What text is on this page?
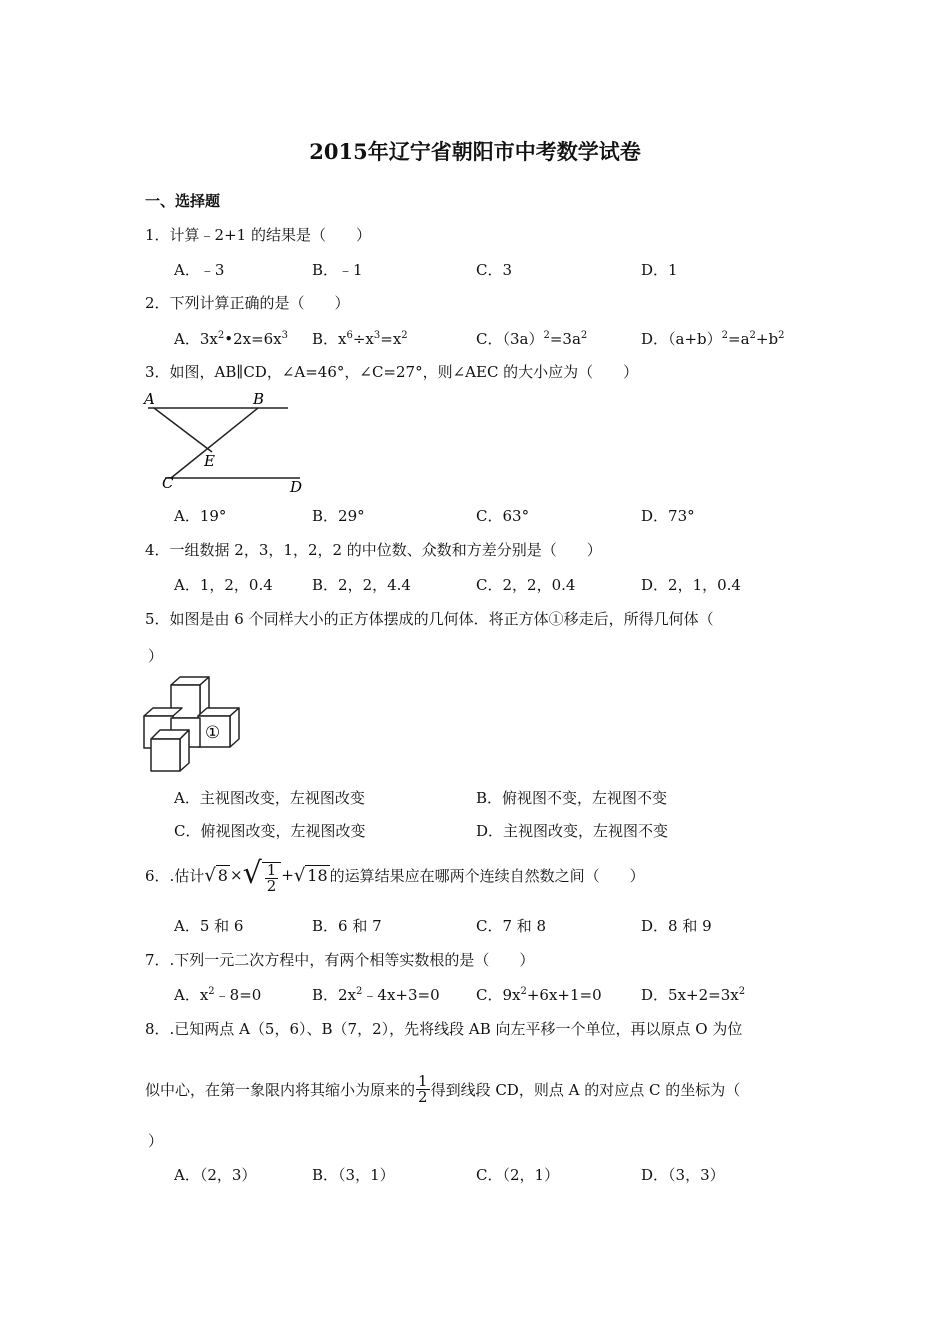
2015年辽宁省朝阳市中考数学试卷
一、选择题
1．计算﹣2+1 的结果是（　　）
A．﹣3	B．﹣1	C．3	D．1
2．下列计算正确的是（　　）
A．$3x^2•2x=6x^3$ B．$x^6\div x^3=x^2$	C．$(3a)^2=3a^2$	D．$(a+b)^2=a^2+b^2$
3．如图，AB∥CD，∠A=46°，∠C=27°，则∠AEC 的大小应为（　　）
A	B
E
C	D
A．19°	B．29°	C．63°	D．73°
4．一组数据 2，3，1，2，2 的中位数、众数和方差分别是（　　）
A．1，2，0.4	B．2，2，4.4	C．2，2，0.4	D．2，1，0.4
5．如图是由 6 个同样大小的正方体摆成的几何体．将正方体①移走后，所得几何体（
）
①
A．主视图改变，左视图改变	B．俯视图不变，左视图不变
C．俯视图改变，左视图改变	D．主视图改变，左视图不变
6．.估计 √ 8 × √ $\frac{1}{2}$ + √ 18 的运算结果应在哪两个连续自然数之间（　　）
A．5 和 6	B．6 和 7	C．7 和 8	D．8 和 9
7．.下列一元二次方程中，有两个相等实数根的是（　　）
A．$x^2﹣8=0$	B．$2x^2﹣4x+3=0$ C．$9x^2+6x+1=0$	D．$5x+2=3x^2$
8．.已知两点 A（5，6）、B（7，2），先将线段 AB 向左平移一个单位，再以原点 O 为位
似中心，在第一象限内将其缩小为原来的 $\frac{1}{2}$ 得到线段 CD，则点 A 的对应点 C 的坐标为（
）
A．（2，3）	B．（3，1）	C．（2，1）	D．（3，3）
